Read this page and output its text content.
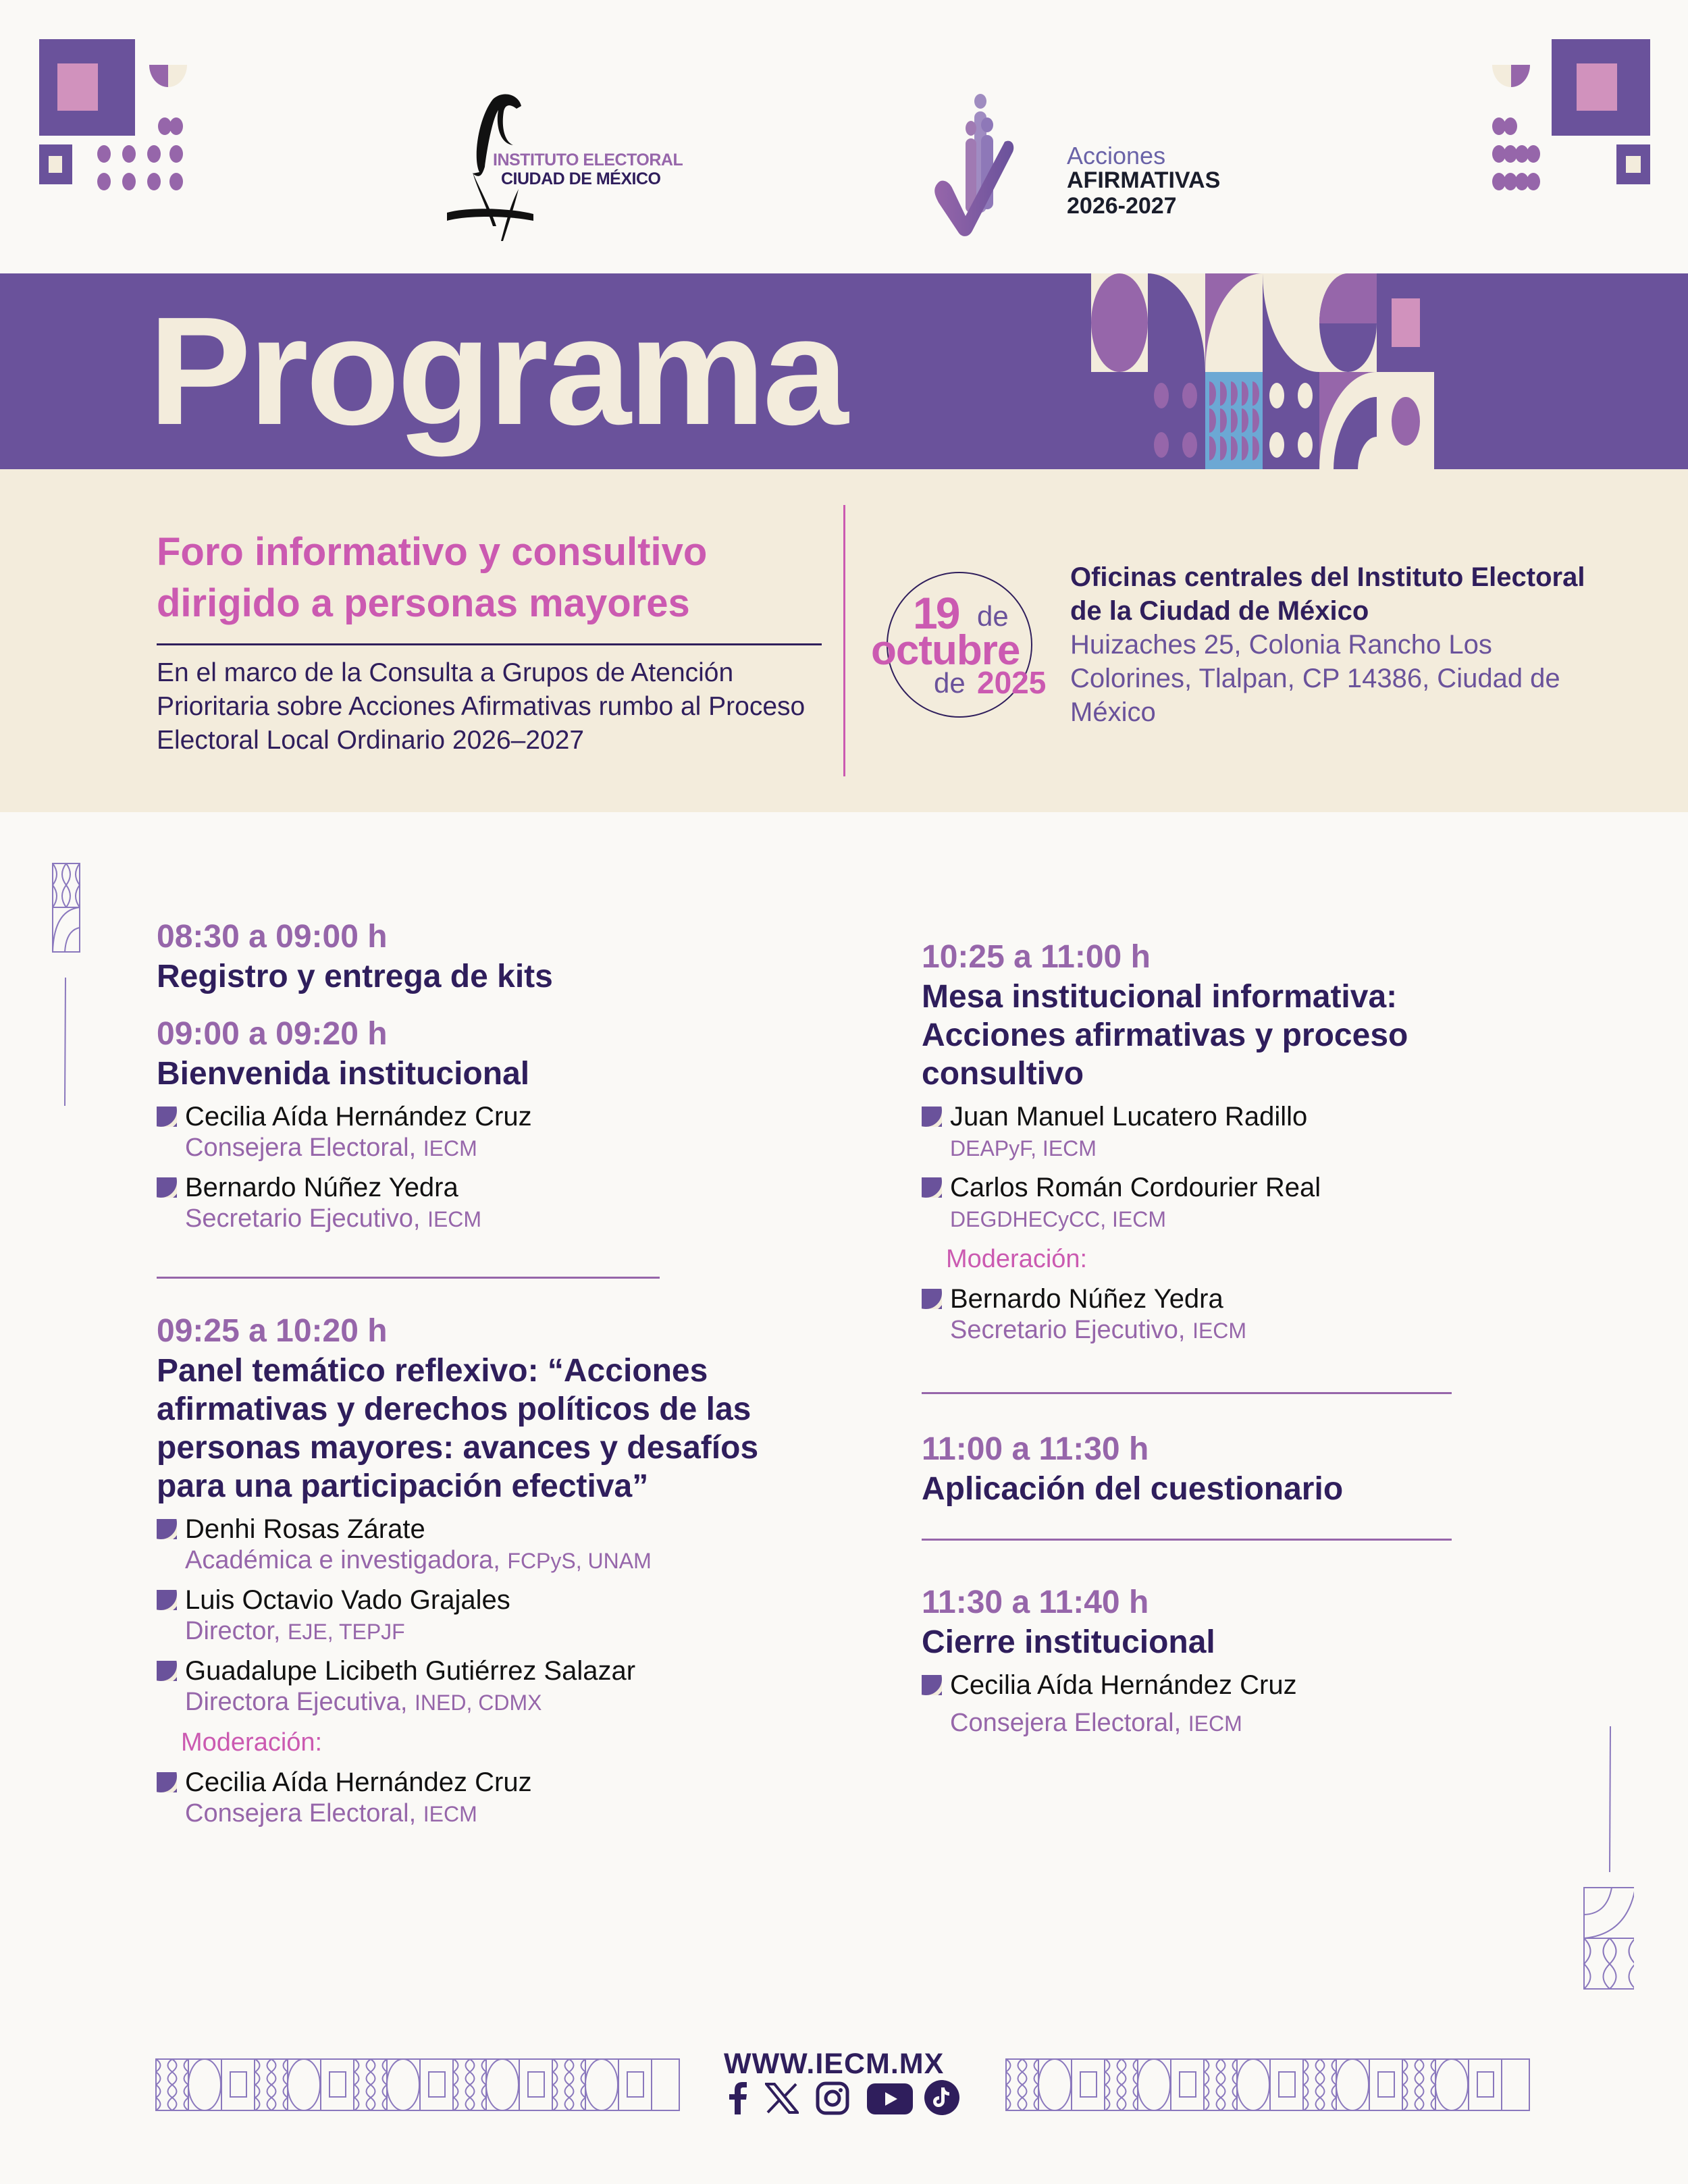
INSTITUTO ELECTORAL
CIUDAD DE MÉXICO
Acciones
AFIRMATIVAS
2026-2027
Programa
Foro informativo y consultivo dirigido a personas mayores
En el marco de la Consulta a Grupos de Atención Prioritaria sobre Acciones Afirmativas rumbo al Proceso Electoral Local Ordinario 2026–2027
19 de
octubre
de 2025
Oficinas centrales del Instituto Electoral de la Ciudad de México
Huizaches 25, Colonia Rancho Los Colorines, Tlalpan, CP 14386, Ciudad de México
08:30 a 09:00 h
Registro y entrega de kits
09:00 a 09:20 h
Bienvenida institucional
Cecilia Aída Hernández Cruz
Consejera Electoral, IECM
Bernardo Núñez Yedra
Secretario Ejecutivo, IECM
09:25 a 10:20 h
Panel temático reflexivo: “Acciones afirmativas y derechos políticos de las personas mayores: avances y desafíos para una participación efectiva”
Denhi Rosas Zárate
Académica e investigadora, FCPyS, UNAM
Luis Octavio Vado Grajales
Director, EJE, TEPJF
Guadalupe Licibeth Gutiérrez Salazar
Directora Ejecutiva, INED, CDMX
Moderación:
Cecilia Aída Hernández Cruz
Consejera Electoral, IECM
10:25 a 11:00 h
Mesa institucional informativa: Acciones afirmativas y proceso consultivo
Juan Manuel Lucatero Radillo
DEAPyF, IECM
Carlos Román Cordourier Real
DEGDHECyCC, IECM
Moderación:
Bernardo Núñez Yedra
Secretario Ejecutivo, IECM
11:00 a 11:30 h
Aplicación del cuestionario
11:30 a 11:40 h
Cierre institucional
Cecilia Aída Hernández Cruz
Consejera Electoral, IECM
WWW.IECM.MX
